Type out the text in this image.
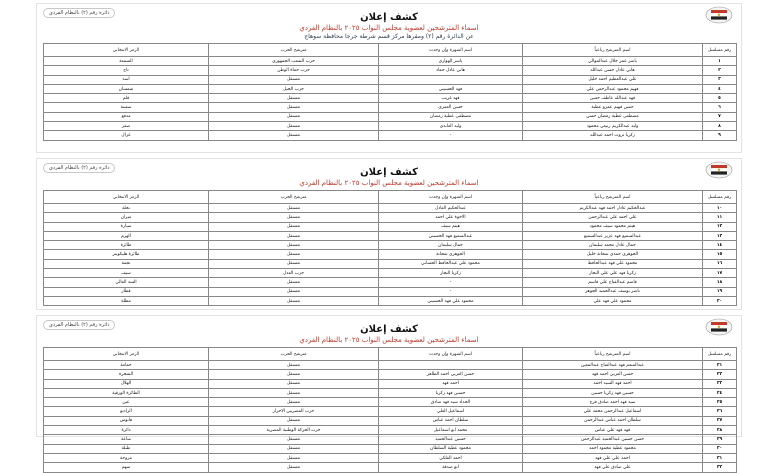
دائرة رقم (٢) بالنظام الفردي	كشف إعلان
اسماء المترشحين لعضوية مجلس النواب ٢٠٢٥ بالنظام الفردي
عن الدائرة رقم (٢) ومقرها مركز قسم شرطة جرجا محافظة سوهاج
رقم مسلسل	اسم المترشح رباعياً	اسم الشهرة وإن وجدت	مترشح الحزب	الرمز الانتخابي
١	ياسر عمر جلال عبدالموالي	ياسر الهواري	حزب الشعب الجمهوري	الشمعة
٢	هاني عادل حسن عبدالله	هاني عادل حماد	حزب حماة الوطن	تاج
٣	علي عبدالعظيم احمد خليل		مستقل	اسد
٤	فهيم محمود عبدالرحمن علي	فهد الحسيني	حزب الجيل	شمسان
٥	فهد عبدالله عاطف حسن	فهد غريب	مستقل	قلم
٦	حسن فهيم عمرو عطية	حسن العمري	مستقل	سفينة
٧	مصطفى عطية رمضان حسن	مصطفى عطية رمضان	مستقل	مدفع
٨	وليد عبدالكريم ربيعي محمود	وليد العابدي	مستقل	صقر
٩	زكريا ثروت احمد عبدالله	-	مستقل	غزال
دائرة رقم (٢) بالنظام الفردي	كشف إعلان
اسماء المترشحين لعضوية مجلس النواب ٢٠٢٥ بالنظام الفردي
رقم مسلسل	اسم المترشح رباعياً	اسم الشهرة وإن وجدت	مترشح الحزب	الرمز الانتخابي
١٠	عبدالحكيم عادل احمد فهد عبدالكريم	عبدالحكيم العادل	مستقل	نخلة
١١	علي احمد علي عبدالرحمن	الاخوة علي احمد	مستقل	ميزان
١٢	هيثم محمود سيف محمود	هيثم سيف	مستقل	سيارة
١٣	عبدالسميع فهد عزيز عبدالسميع	عبدالسميع فهد الحسيني	مستقل	الهرم
١٤	جمال عادل محمد سليمان	جمال سليمان	مستقل	طائرة
١٥	الجوهري حمدي شحاتة خليل	الجوهري شحاتة	مستقل	طائرة هليكوبتر
١٦	محمود علي فهد عبدالحافظ	محمود علي عبدالحافظ الحساني	مستقل	نجمة
١٧	زكريا فهد علي علي النجار	زكريا النجار	حزب العدل	سيف
١٨	قاسم عبدالفتاح علي قاسم	-	مستقل	السد العالي
١٩	ناصر يوسف عبدالحميد الجوهر	-	مستقل	قطار
٢٠	محمود علي فهد علي	محمود علي فهد الحسيني	مستقل	مظلة
دائرة رقم (٢) بالنظام الفردي	كشف إعلان
اسماء المترشحين لعضوية مجلس النواب ٢٠٢٥ بالنظام الفردي
رقم مسلسل	اسم المترشح رباعياً	اسم الشهرة وإن وجدت	مترشح الحزب	الرمز الانتخابي
٢١	عبدالمنعم فهد عبدالفتاح عبدالمعين		مستقل	حمامة
٢٢	حسن العربي احمد فهد	حسن العربي احمد الطاهر	مستقل	الشجرة
٢٣	احمد فهد السيد احمد	احمد فهد	مستقل	الهلال
٢٤	حسين فهد زكريا حسين	حسين فهد زكريا	مستقل	الطائرة الورقية
٢٥	سيد فهد احمد صادق فرج	الحداد سيد فهد صادق	مستقل	عين
٢٦	اسماعيل عبدالرحمن محمد علي	اسماعيل العلي	حزب المصريين الاحرار	الراديو
٢٧	سلطان احمد عباس عبدالرحمن	سلطان احمد عباس	مستقل	فانوس
٢٨	فهد فهد علي عباس	محمد ابو اسماعيل	حزب الحركة الوطنية المصرية	دائرة
٢٩	حسن حسين عبدالحميد عبدالرحمن	حسين عبدالحميد	مستقل	ساعة
٣٠	محمود عطية محمود احمد	محمود عطية السلطان	مستقل	طبلة
٣١	احمد علي علي فهد	احمد الفلكي	مستقل	مروحة
٣٢	علي صادق علي فهد	ابو صدقة	مستقل	سهم
